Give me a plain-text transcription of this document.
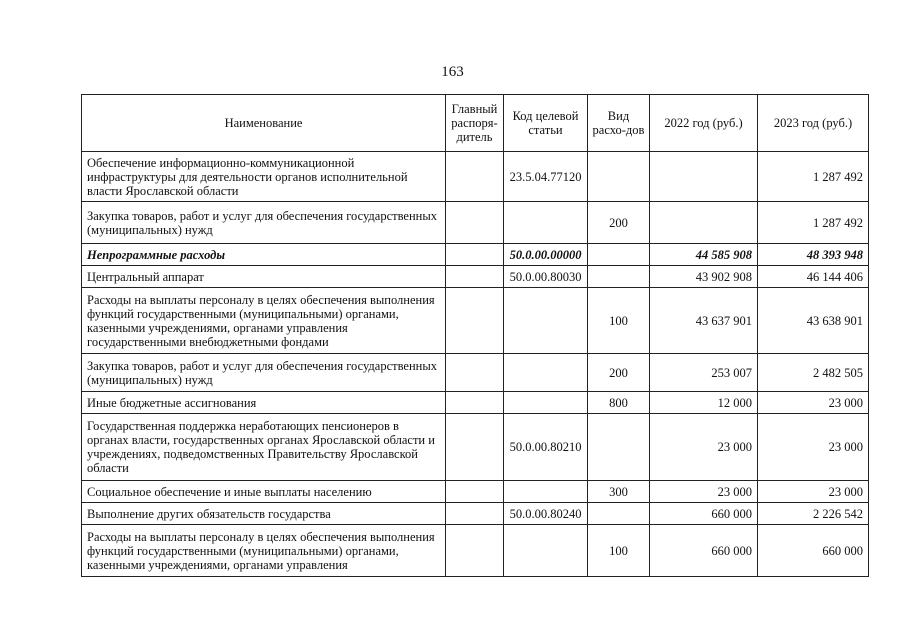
163
Наименование	Главный распоря-дитель	Код целевой статьи	Вид расхо-дов	2022 год (руб.)	2023 год (руб.)
Обеспечение информационно-коммуникационной инфраструктуры для деятельности органов исполнительной власти Ярославской области		23.5.04.77120			1 287 492
Закупка товаров, работ и услуг для обеспечения государственных (муниципальных) нужд			200		1 287 492
Непрограммные расходы		50.0.00.00000		44 585 908	48 393 948
Центральный аппарат		50.0.00.80030		43 902 908	46 144 406
Расходы на выплаты персоналу в целях обеспечения выполнения функций государственными (муниципальными) органами, казенными учреждениями, органами управления государственными внебюджетными фондами			100	43 637 901	43 638 901
Закупка товаров, работ и услуг для обеспечения государственных (муниципальных) нужд			200	253 007	2 482 505
Иные бюджетные ассигнования			800	12 000	23 000
Государственная поддержка неработающих пенсионеров в органах власти, государственных органах Ярославской области и учреждениях, подведомственных Правительству Ярославской области		50.0.00.80210		23 000	23 000
Социальное обеспечение и иные выплаты населению			300	23 000	23 000
Выполнение других обязательств государства		50.0.00.80240		660 000	2 226 542
Расходы на выплаты персоналу в целях обеспечения выполнения функций государственными (муниципальными) органами, казенными учреждениями, органами управления			100	660 000	660 000
